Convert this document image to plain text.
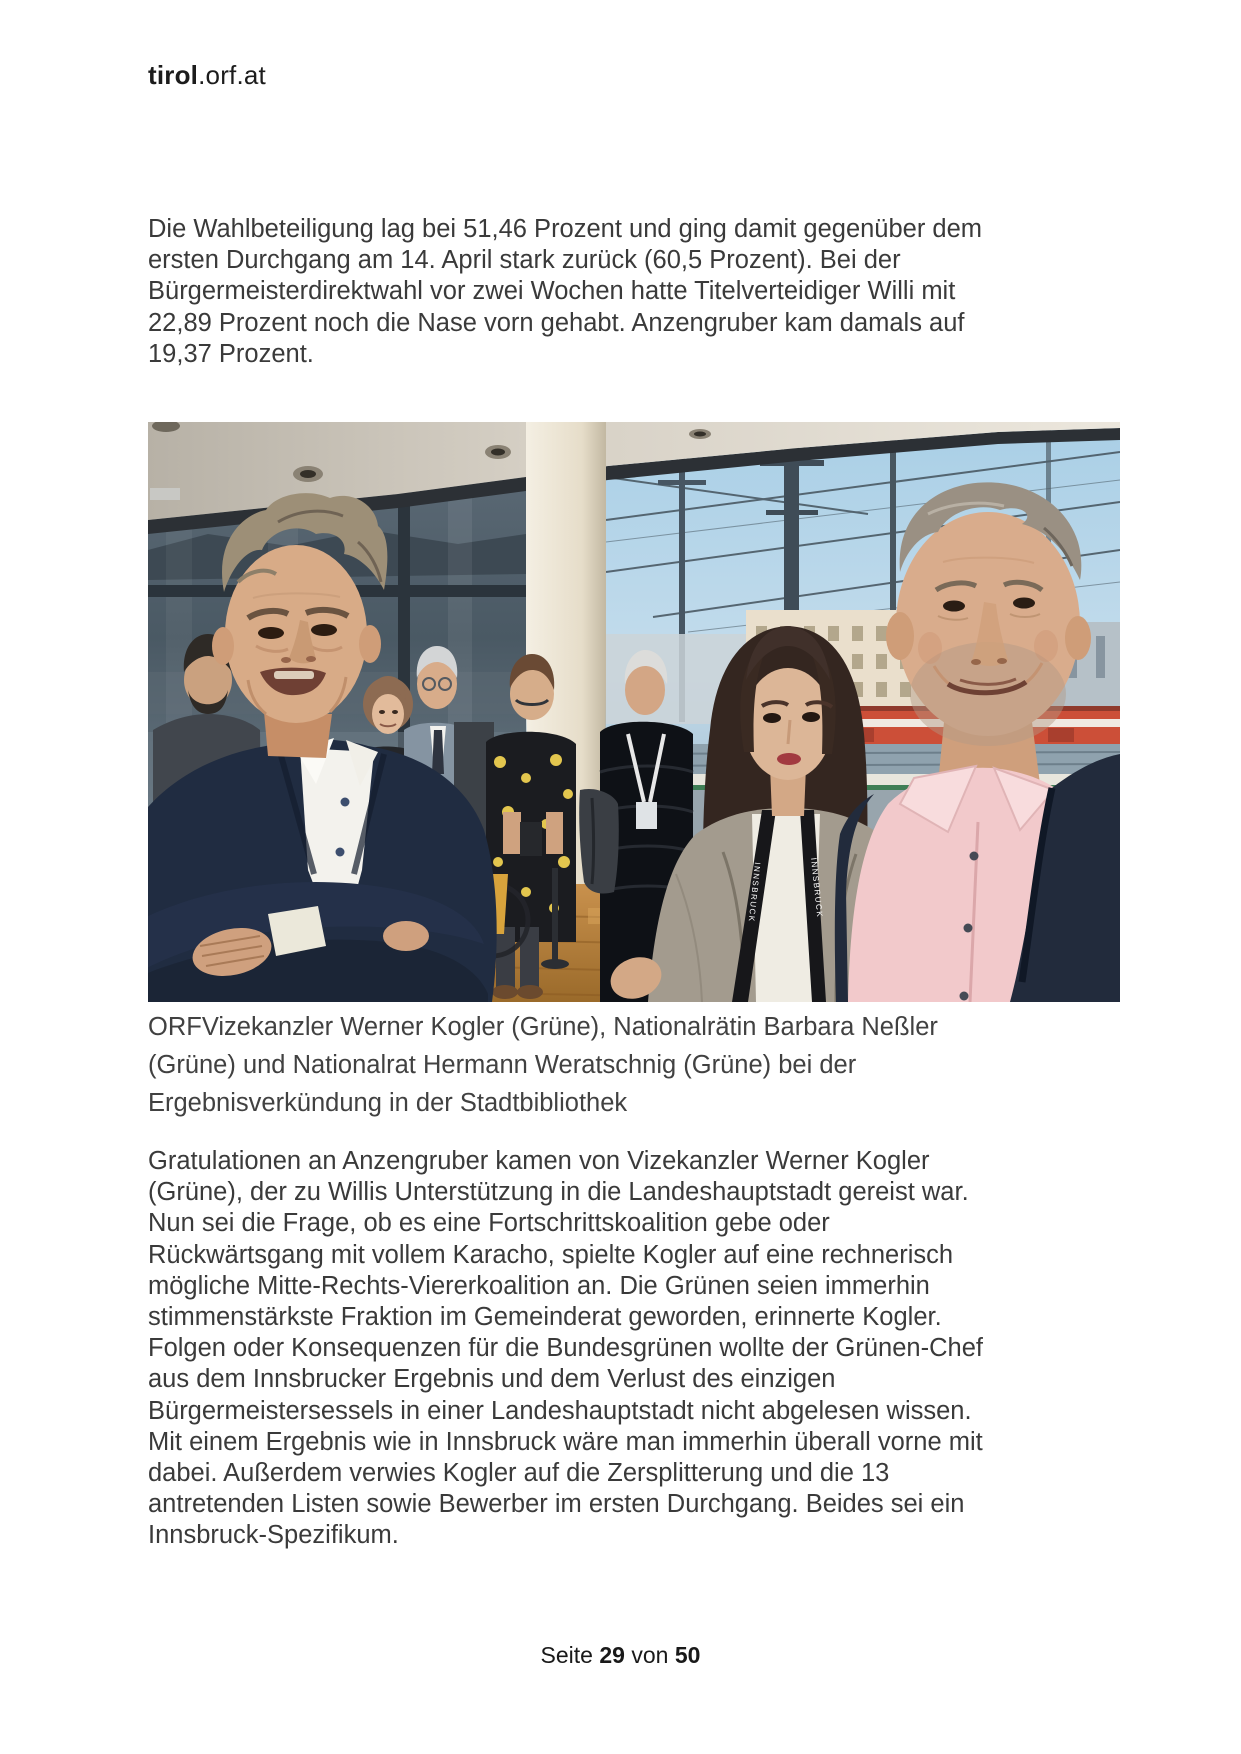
tirol.orf.at
Die Wahlbeteiligung lag bei 51,46 Prozent und ging damit gegenüber dem
ersten Durchgang am 14. April stark zurück (60,5 Prozent). Bei der
Bürgermeisterdirektwahl vor zwei Wochen hatte Titelverteidiger Willi mit
22,89 Prozent noch die Nase vorn gehabt. Anzengruber kam damals auf
19,37 Prozent.
INNSBRUCK	INNSBRUCK
ORFVizekanzler Werner Kogler (Grüne), Nationalrätin Barbara Neßler
(Grüne) und Nationalrat Hermann Weratschnig (Grüne) bei der
Ergebnisverkündung in der Stadtbibliothek
Gratulationen an Anzengruber kamen von Vizekanzler Werner Kogler
(Grüne), der zu Willis Unterstützung in die Landeshauptstadt gereist war.
Nun sei die Frage, ob es eine Fortschrittskoalition gebe oder
Rückwärtsgang mit vollem Karacho, spielte Kogler auf eine rechnerisch
mögliche Mitte-Rechts-Viererkoalition an. Die Grünen seien immerhin
stimmenstärkste Fraktion im Gemeinderat geworden, erinnerte Kogler.
Folgen oder Konsequenzen für die Bundesgrünen wollte der Grünen-Chef
aus dem Innsbrucker Ergebnis und dem Verlust des einzigen
Bürgermeistersessels in einer Landeshauptstadt nicht abgelesen wissen.
Mit einem Ergebnis wie in Innsbruck wäre man immerhin überall vorne mit
dabei. Außerdem verwies Kogler auf die Zersplitterung und die 13
antretenden Listen sowie Bewerber im ersten Durchgang. Beides sei ein
Innsbruck-Spezifikum.
Seite 29 von 50
